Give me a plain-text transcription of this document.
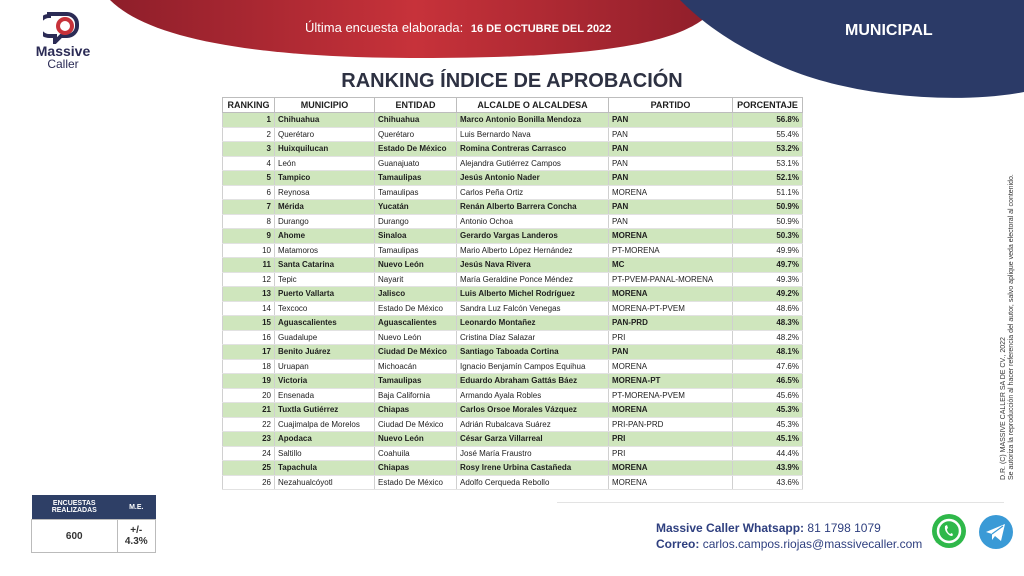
Massive
Caller
Última encuesta elaborada: 16 DE OCTUBRE DEL 2022	MUNICIPAL
RANKING ÍNDICE DE APROBACIÓN
RANKING	MUNICIPIO	ENTIDAD	ALCALDE O ALCALDESA	PARTIDO	PORCENTAJE
1	Chihuahua	Chihuahua	Marco Antonio Bonilla Mendoza	PAN	56.8%
2	Querétaro	Querétaro	Luis Bernardo Nava	PAN	55.4%
3	Huixquilucan	Estado De México	Romina Contreras Carrasco	PAN	53.2%
4	León	Guanajuato	Alejandra Gutiérrez Campos	PAN	53.1%
5	Tampico	Tamaulipas	Jesús Antonio Nader	PAN	52.1%
6	Reynosa	Tamaulipas	Carlos Peña Ortiz	MORENA	51.1%
7	Mérida	Yucatán	Renán Alberto Barrera Concha	PAN	50.9%
8	Durango	Durango	Antonio Ochoa	PAN	50.9%
9	Ahome	Sinaloa	Gerardo Vargas Landeros	MORENA	50.3%
10	Matamoros	Tamaulipas	Mario Alberto López Hernández	PT-MORENA	49.9%
11	Santa Catarina	Nuevo León	Jesús Nava Rivera	MC	49.7%
12	Tepic	Nayarit	María Geraldine Ponce Méndez	PT-PVEM-PANAL-MORENA	49.3%
13	Puerto Vallarta	Jalisco	Luis Alberto Michel Rodríguez	MORENA	49.2%
14	Texcoco	Estado De México	Sandra Luz Falcón Venegas	MORENA-PT-PVEM	48.6%
15	Aguascalientes	Aguascalientes	Leonardo Montañez	PAN-PRD	48.3%
16	Guadalupe	Nuevo León	Cristina Díaz Salazar	PRI	48.2%
17	Benito Juárez	Ciudad De México	Santiago Taboada Cortina	PAN	48.1%
18	Uruapan	Michoacán	Ignacio Benjamín Campos Equihua	MORENA	47.6%
19	Victoria	Tamaulipas	Eduardo Abraham Gattás Báez	MORENA-PT	46.5%
20	Ensenada	Baja California	Armando Ayala Robles	PT-MORENA-PVEM	45.6%
21	Tuxtla Gutiérrez	Chiapas	Carlos Orsoe Morales Vázquez	MORENA	45.3%
22	Cuajimalpa de Morelos	Ciudad De México	Adrián Rubalcava Suárez	PRI-PAN-PRD	45.3%
23	Apodaca	Nuevo León	César Garza Villarreal	PRI	45.1%
24	Saltillo	Coahuila	José María Fraustro	PRI	44.4%
25	Tapachula	Chiapas	Rosy Irene Urbina Castañeda	MORENA	43.9%
26	Nezahualcóyotl	Estado De México	Adolfo Cerqueda Rebollo	MORENA	43.6%
D.R. (C) MASSIVE CALLER SA DE CV., 2022
Se autoriza la reproducción al hacer referencia del autor, salvo aplique veda electoral al contenido.
ENCUESTAS REALIZADAS	M.E.
600	+/- 4.3%
Massive Caller Whatsapp: 81 1798 1079
Correo: carlos.campos.riojas@massivecaller.com
